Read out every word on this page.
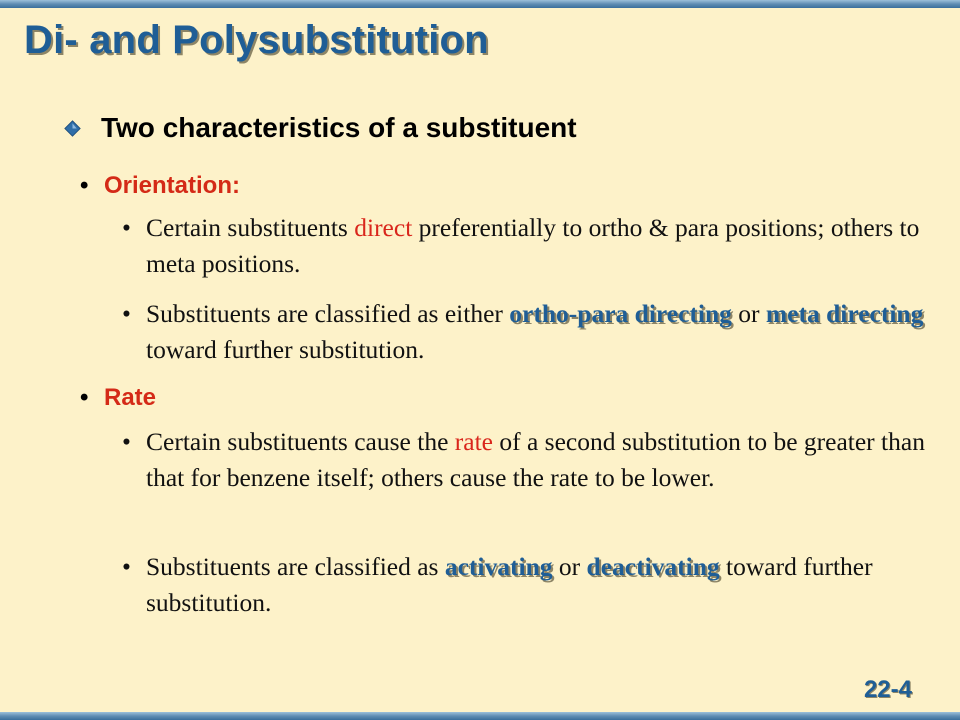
Di- and Polysubstitution
Two characteristics of a substituent
• Orientation:
• Certain substituents direct preferentially to ortho & para positions; others to meta positions.
• Substituents are classified as either ortho-para directing or meta directing toward further substitution.
• Rate
• Certain substituents cause the rate of a second substitution to be greater than that for benzene itself; others cause the rate to be lower.
• Substituents are classified as activating or deactivating toward further substitution.
22-4
